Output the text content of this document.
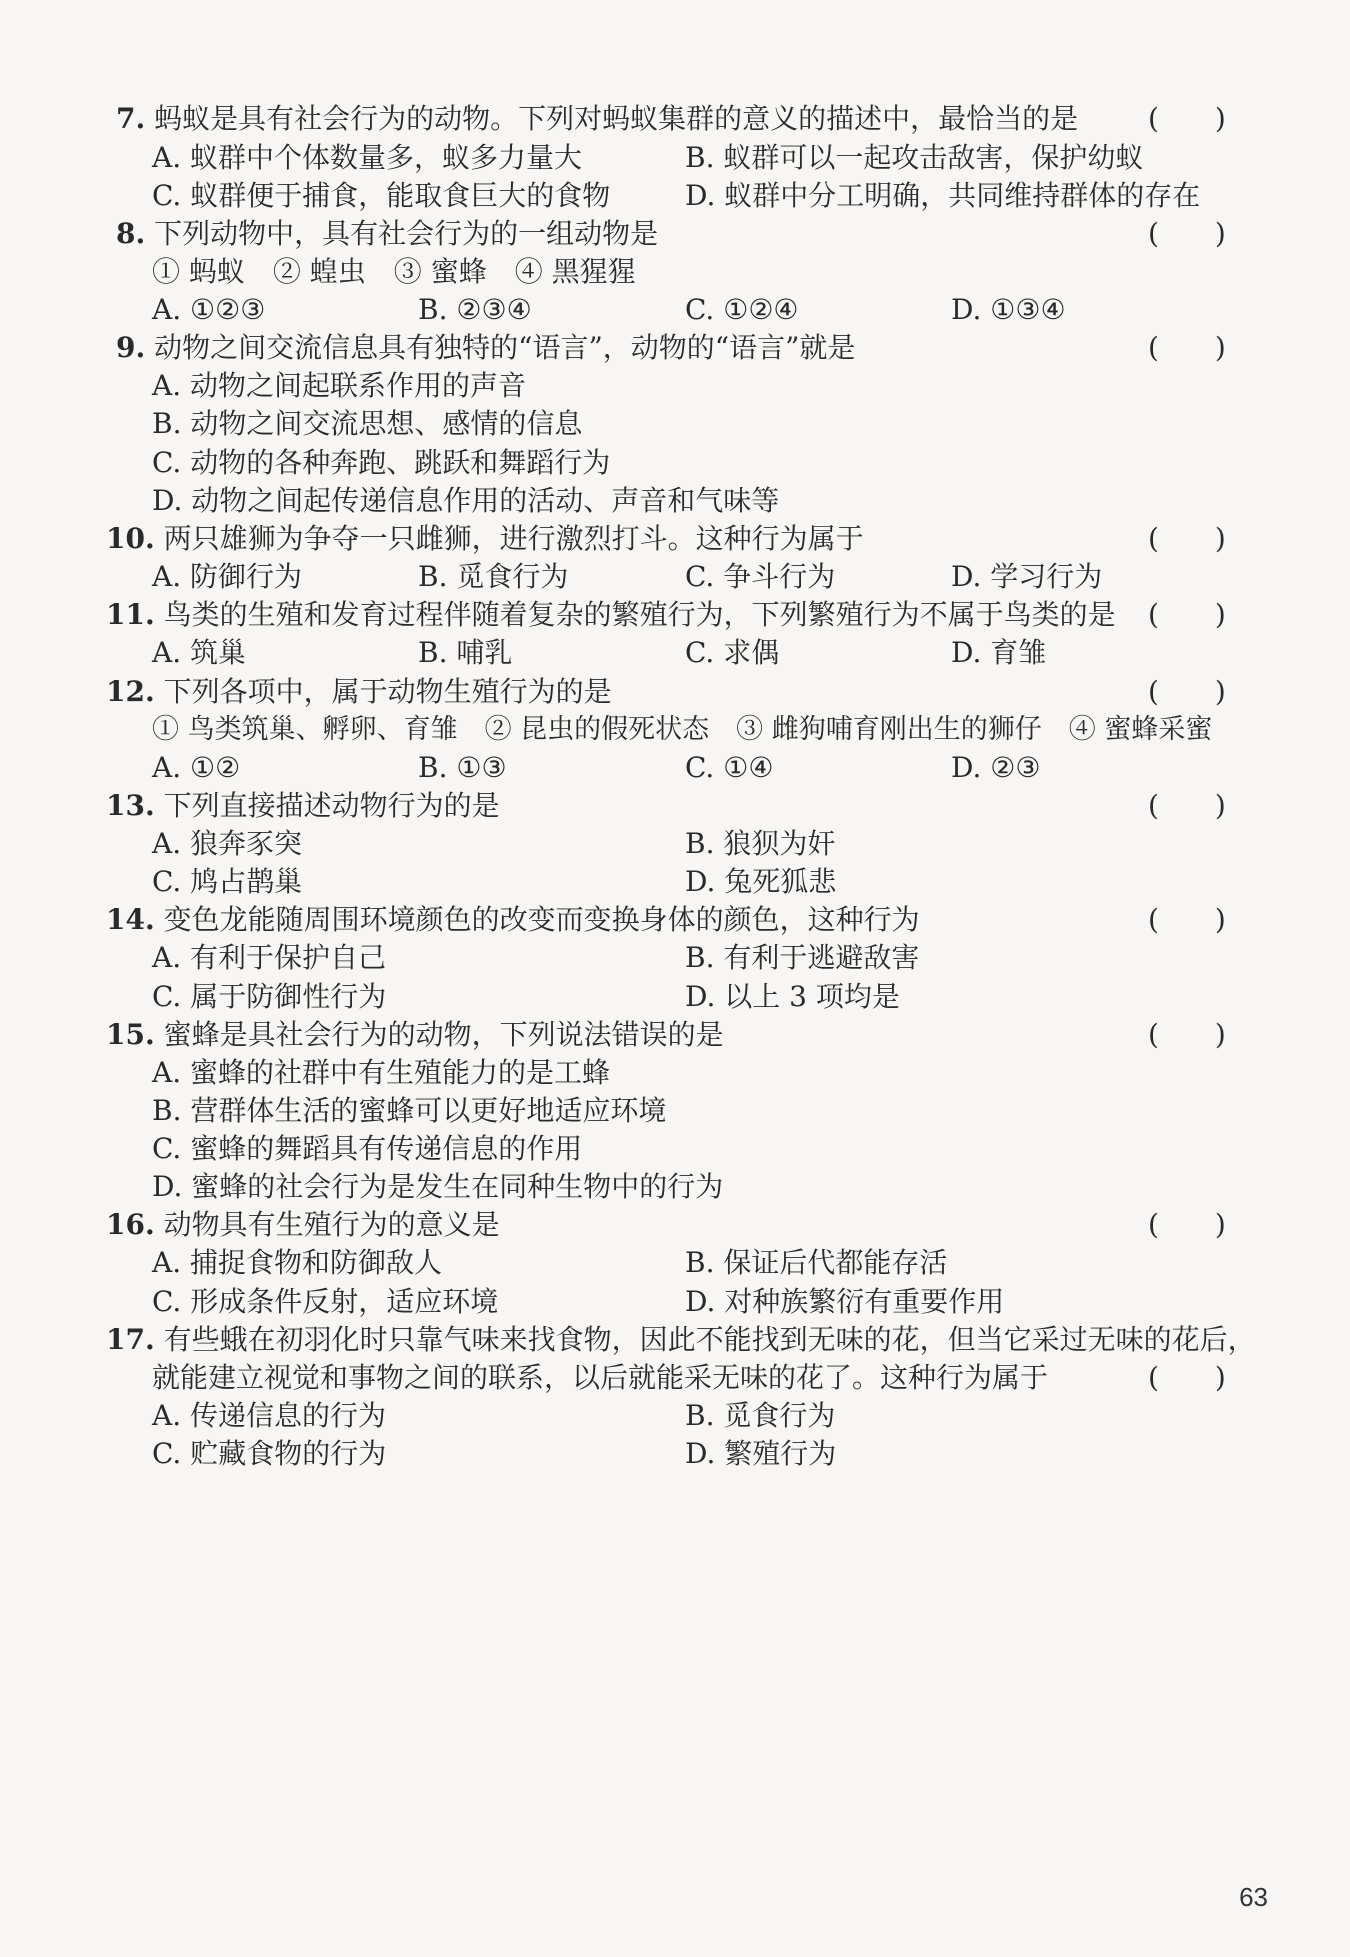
7. 蚂蚁是具有社会行为的动物。下列对蚂蚁集群的意义的描述中，最恰当的是 (　　)
A. 蚁群中个体数量多，蚁多力量大	B. 蚁群可以一起攻击敌害，保护幼蚁
C. 蚁群便于捕食，能取食巨大的食物	D. 蚁群中分工明确，共同维持群体的存在
8. 下列动物中，具有社会行为的一组动物是	(　　)
① 蚂蚁　② 蝗虫　③ 蜜蜂　④ 黑猩猩
A. ①②③	B. ②③④	C. ①②④	D. ①③④
9. 动物之间交流信息具有独特的“语言”，动物的“语言”就是	(　　)
A. 动物之间起联系作用的声音
B. 动物之间交流思想、感情的信息
C. 动物的各种奔跑、跳跃和舞蹈行为
D. 动物之间起传递信息作用的活动、声音和气味等
10. 两只雄狮为争夺一只雌狮，进行激烈打斗。这种行为属于	(　　)
A. 防御行为	B. 觅食行为	C. 争斗行为	D. 学习行为
11. 鸟类的生殖和发育过程伴随着复杂的繁殖行为，下列繁殖行为不属于鸟类的是 (　　)
A. 筑巢	B. 哺乳	C. 求偶	D. 育雏
12. 下列各项中，属于动物生殖行为的是	(　　)
① 鸟类筑巢、孵卵、育雏　② 昆虫的假死状态　③ 雌狗哺育刚出生的狮仔　④ 蜜蜂采蜜
A. ①②	B. ①③	C. ①④	D. ②③
13. 下列直接描述动物行为的是	(　　)
A. 狼奔豕突	B. 狼狈为奸
C. 鸠占鹊巢	D. 兔死狐悲
14. 变色龙能随周围环境颜色的改变而变换身体的颜色，这种行为	(　　)
A. 有利于保护自己	B. 有利于逃避敌害
C. 属于防御性行为	D. 以上 3 项均是
15. 蜜蜂是具社会行为的动物，下列说法错误的是	(　　)
A. 蜜蜂的社群中有生殖能力的是工蜂
B. 营群体生活的蜜蜂可以更好地适应环境
C. 蜜蜂的舞蹈具有传递信息的作用
D. 蜜蜂的社会行为是发生在同种生物中的行为
16. 动物具有生殖行为的意义是	(　　)
A. 捕捉食物和防御敌人	B. 保证后代都能存活
C. 形成条件反射，适应环境	D. 对种族繁衍有重要作用
17. 有些蛾在初羽化时只靠气味来找食物，因此不能找到无味的花，但当它采过无味的花后，
就能建立视觉和事物之间的联系，以后就能采无味的花了。这种行为属于	(　　)
A. 传递信息的行为	B. 觅食行为
C. 贮藏食物的行为	D. 繁殖行为
63
